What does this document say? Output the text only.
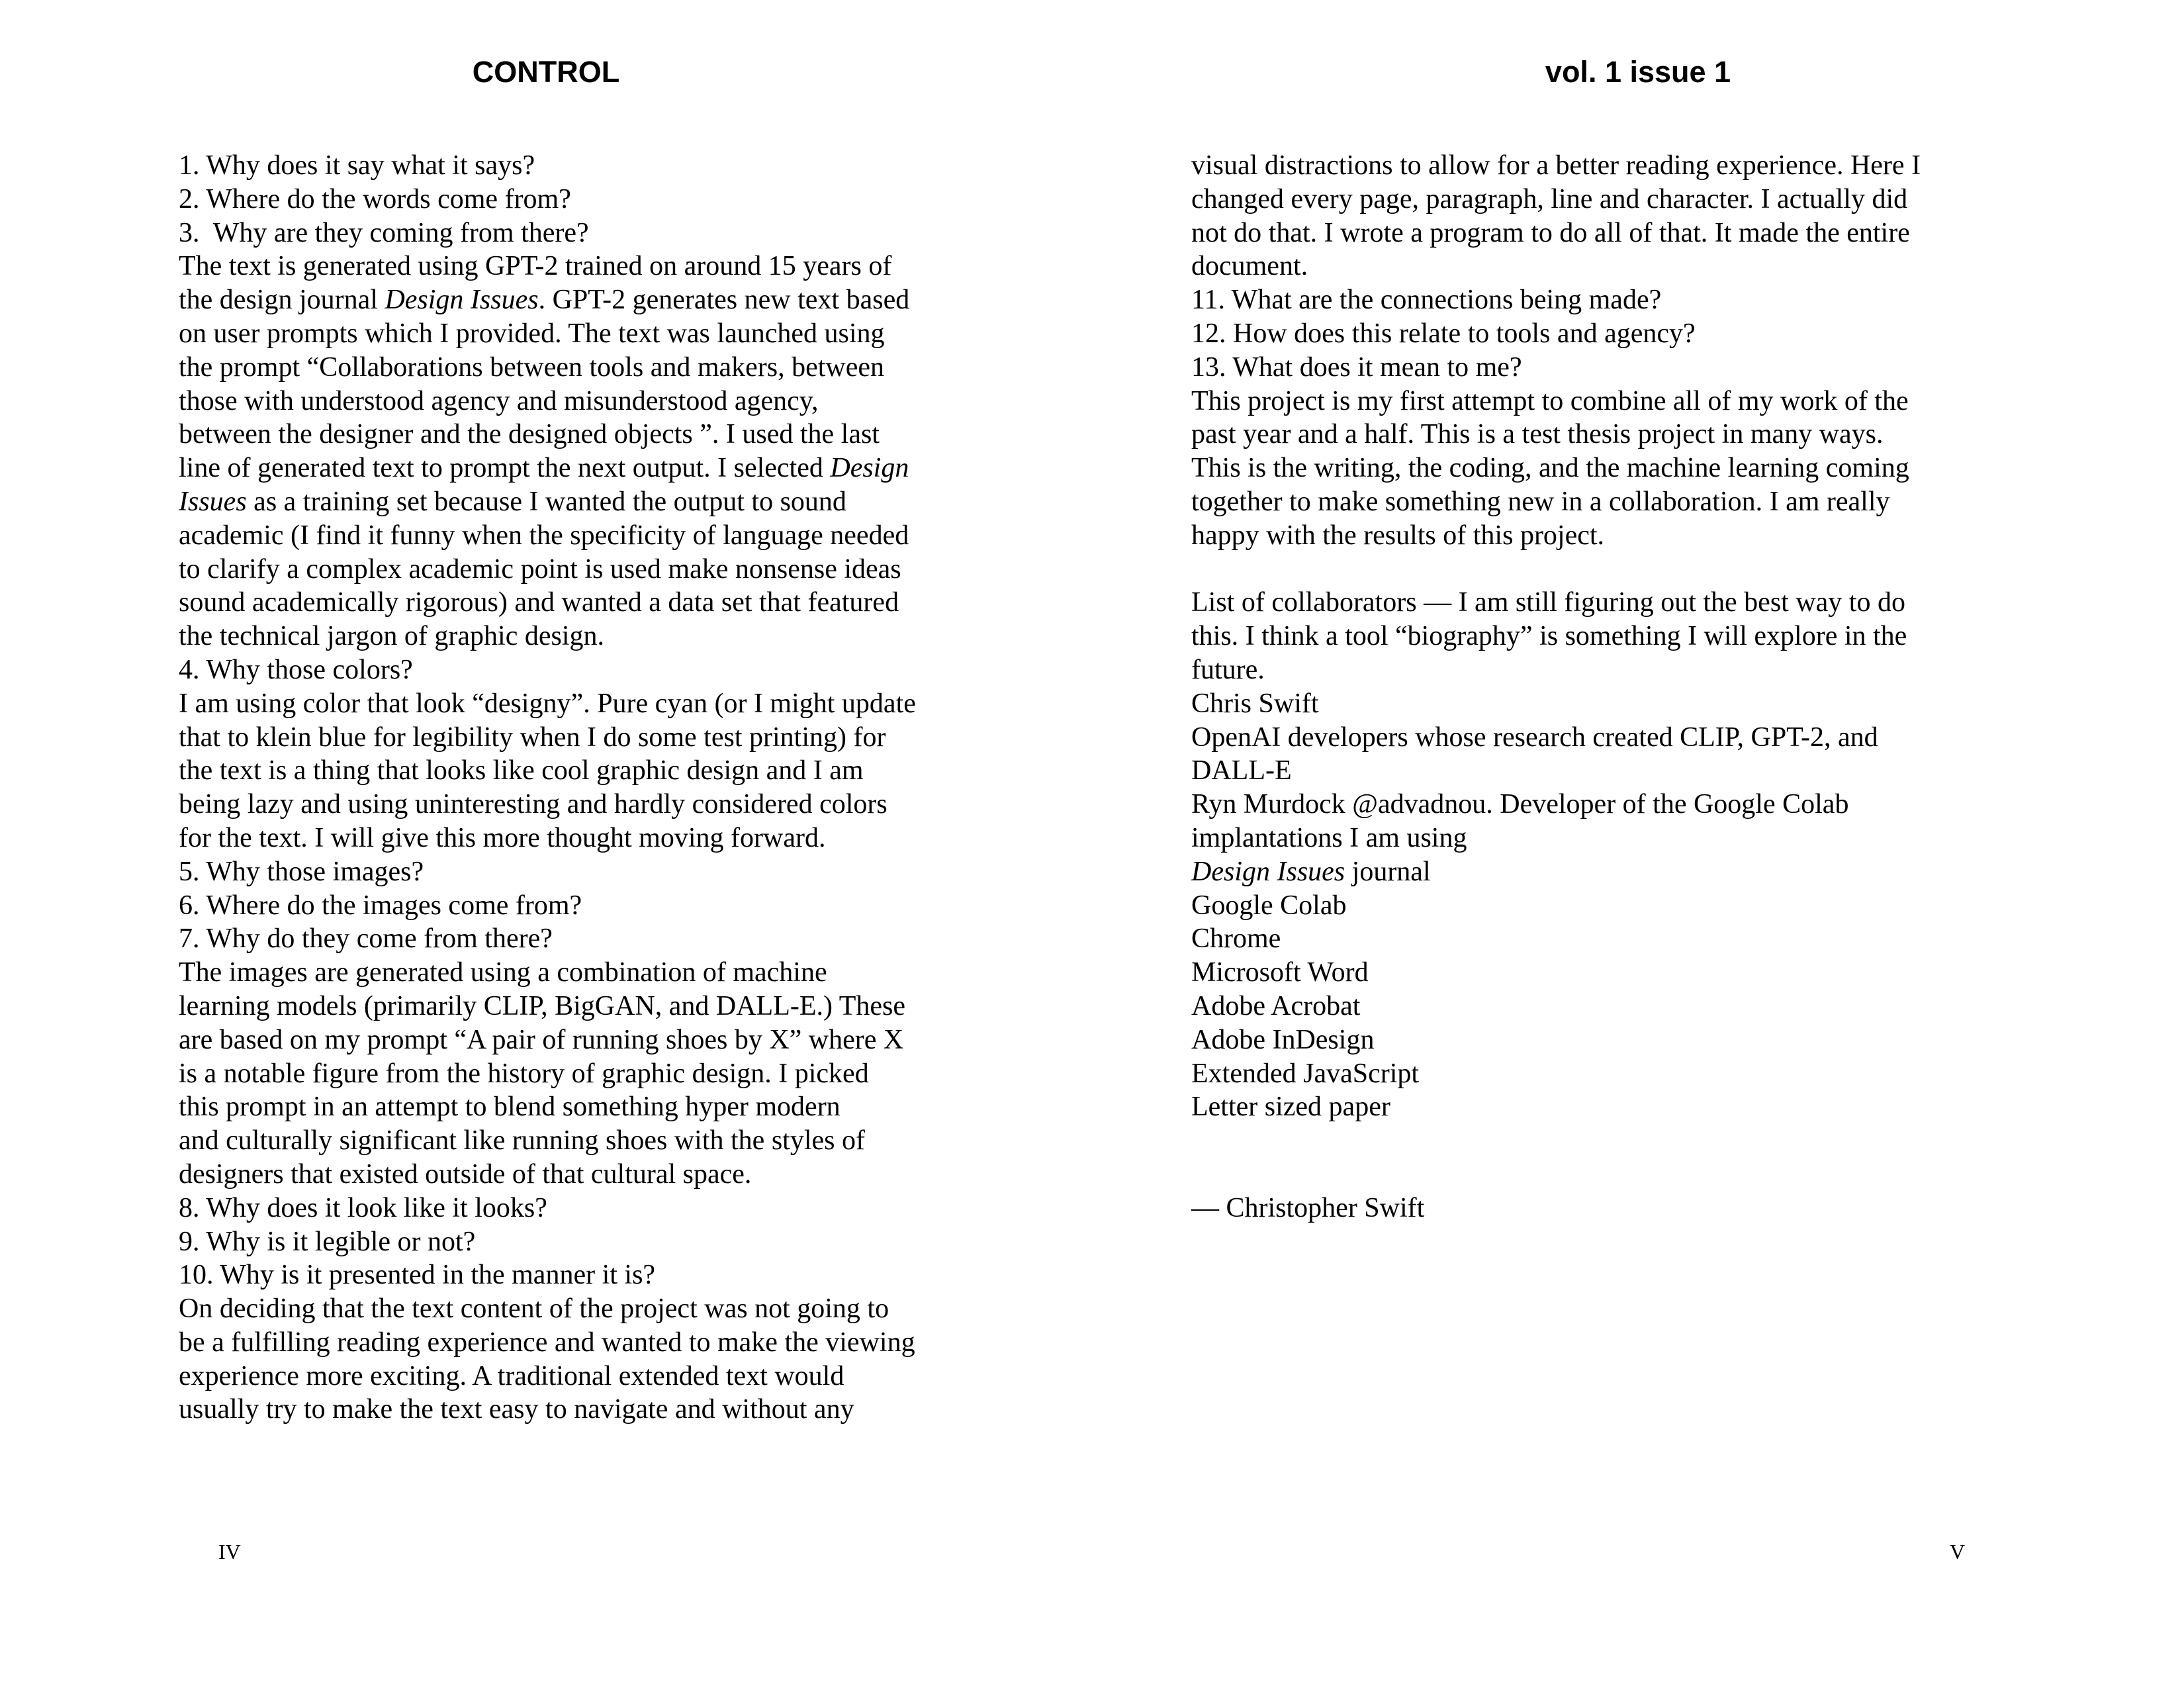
CONTROL	vol. 1 issue 1
1. Why does it say what it says?
2. Where do the words come from?
3.  Why are they coming from there?
The text is generated using GPT-2 trained on around 15 years of
the design journal Design Issues. GPT-2 generates new text based
on user prompts which I provided. The text was launched using
the prompt “Collaborations between tools and makers, between
those with understood agency and misunderstood agency,
between the designer and the designed objects ”. I used the last
line of generated text to prompt the next output. I selected Design
Issues as a training set because I wanted the output to sound
academic (I find it funny when the specificity of language needed
to clarify a complex academic point is used make nonsense ideas
sound academically rigorous) and wanted a data set that featured
the technical jargon of graphic design.
4. Why those colors?
I am using color that look “designy”. Pure cyan (or I might update
that to klein blue for legibility when I do some test printing) for
the text is a thing that looks like cool graphic design and I am
being lazy and using uninteresting and hardly considered colors
for the text. I will give this more thought moving forward.
5. Why those images?
6. Where do the images come from?
7. Why do they come from there?
The images are generated using a combination of machine
learning models (primarily CLIP, BigGAN, and DALL-E.) These
are based on my prompt “A pair of running shoes by X” where X
is a notable figure from the history of graphic design. I picked
this prompt in an attempt to blend something hyper modern
and culturally significant like running shoes with the styles of
designers that existed outside of that cultural space.
8. Why does it look like it looks?
9. Why is it legible or not?
10. Why is it presented in the manner it is?
On deciding that the text content of the project was not going to
be a fulfilling reading experience and wanted to make the viewing
experience more exciting. A traditional extended text would
usually try to make the text easy to navigate and without any
visual distractions to allow for a better reading experience. Here I
changed every page, paragraph, line and character. I actually did
not do that. I wrote a program to do all of that. It made the entire
document.
11. What are the connections being made?
12. How does this relate to tools and agency?
13. What does it mean to me?
This project is my first attempt to combine all of my work of the
past year and a half. This is a test thesis project in many ways.
This is the writing, the coding, and the machine learning coming
together to make something new in a collaboration. I am really
happy with the results of this project.
List of collaborators — I am still figuring out the best way to do
this. I think a tool “biography” is something I will explore in the
future.
Chris Swift
OpenAI developers whose research created CLIP, GPT-2, and
DALL-E
Ryn Murdock @advadnou. Developer of the Google Colab
implantations I am using
Design Issues journal
Google Colab
Chrome
Microsoft Word
Adobe Acrobat
Adobe InDesign
Extended JavaScript
Letter sized paper
— Christopher Swift
IV	V
